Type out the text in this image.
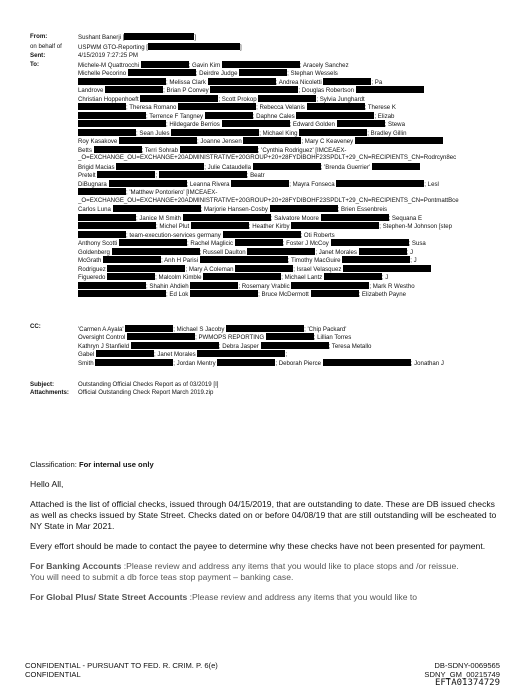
From:	Sushant Banerji [	]
on behalf of	USPWM GTO-Reporting [	]
Sent:	4/15/2019 7:27:25 PM
To:	Michele-M Quattrocchi	; Gavin Kim	; Aracely Sanchez
Michelle Pecorino	; Deirdre Judge	; Stephan Wessels
; Melissa Clark	; Andrea Nicoletti	; Pa
Landrove	; Brian P Convey	; Douglas Robertson
Christian Hoppenhoeft	; Scott Prokop	; Sylvia Junghardt
; Theresa Romano	; Rebecca Velanis	; Therese K
; Terrence F Tangney	; Daphne Cales	; Elizab
; Hildegarde Berrios	; Edward Golden	; Stewa
; Sean Jules	; Michael King	; Bradley Gillin
Roy Kasakove	; Joanne Jensen	; Mary C Keaveney
Betts	; Terri Sohrab	; 'Cynthia Rodriguez' [IMCEAEX-
_O=EXCHANGE_OU=EXCHANGE+20ADMINISTRATIVE+20GROUP+20+28FYDIBOHF23SPDLT+29_CN=RECIPIENTS_CN=Rodrcyn8ec
Brigid Macias	; Julie Cataudella	; 'Brenda Guerrier'
Pretelt	;	; Beatr
DiBugnara	; Leanna Rivera	; Mayra Fonseca	; Lesl
; 'Matthew Pontoriero' [IMCEAEX-
_O=EXCHANGE_OU=EXCHANGE+20ADMINISTRATIVE+20GROUP+20+28FYDIBOHF23SPDLT+29_CN=RECIPIENTS_CN=PontmattBce
Carlos Luna	; Marjorie Hansen-Cosby	; Brien Essenbreis
; Janice M Smith	; Salvatore Moore	; Sequana E
; Michel Plut	; Heather Kirby	; Stephen-M Johnson [step
; team-execution-services germany	; Oti Roberts
Anthony Scotti	; Rachel Maglicic	; Foster J McCoy	; Susa
Goldenberg	; Russell Daulton	; Janet Morales	; J
McGrath	; Anh H Parisi	; Timothy MacGuire	; J
Rodriguez	; Mary A Coleman	; Israel Velasquez
Figueredo	; Malcolm Kimble	; Michael Lantz	; J
; Shahin Ahdieh	; Rosemary Vrablic	; Mark R Westho
; Ed Lok	; Bruce McDermott	; Elizabeth Payne
CC:	'Carmen A Ayala'	; Michael S Jacoby	; 'Chip Packard'
Oversight Control	; PWMOPS REPORTING	; Lillian Torres
Kathryn J Stanfield	; Debra Jasper	; Teresa Metallo
Gabel	; Janet Morales	;
Smith	; Jordan Mentry	; Deborah Pierce	; Jonathan J
Subject:	Outstanding Official Checks Report as of 03/2019 [I]
Attachments:	Official Outstanding Check Report March 2019.zip
Classification: For internal use only

Hello All,

Attached is the list of official checks, issued through 04/15/2019, that are outstanding to date. These are DB issued checks as well as checks issued by State Street. Checks dated on or before 04/08/19 that are still outstanding will be escheated to NY State in Mar 2021.

Every effort should be made to contact the payee to determine why these checks have not been presented for payment.

For Banking Accounts :Please review and address any items that you would like to place stops and /or reissue.
You will need to submit a db force teas stop payment – banking case.

For Global Plus/ State Street Accounts :Please review and address any items that you would like to

CONFIDENTIAL - PURSUANT TO FED. R. CRIM. P. 6(e)
CONFIDENTIAL
DB-SDNY-0069565
SDNY_GM_00215749
EFTA01374729
